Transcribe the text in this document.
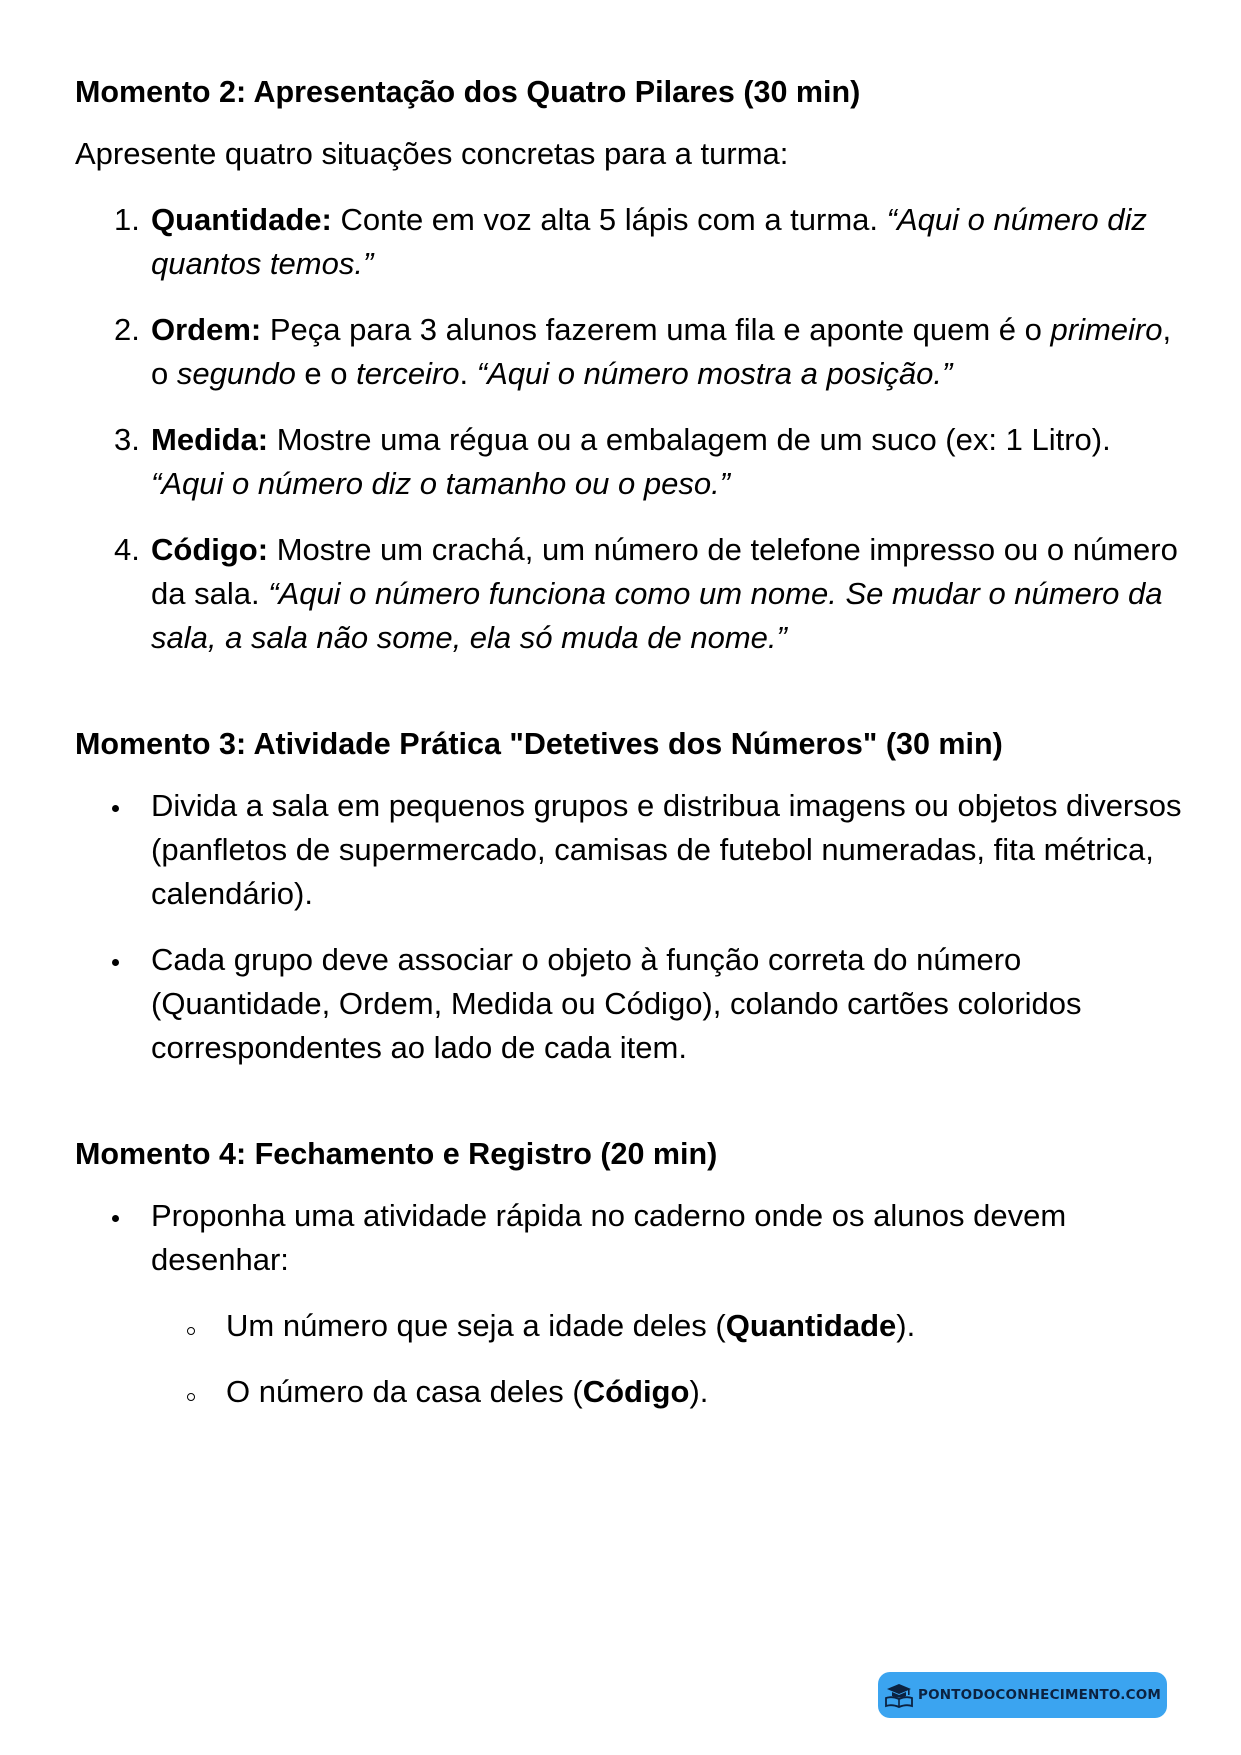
Momento 2: Apresentação dos Quatro Pilares (30 min)

Apresente quatro situações concretas para a turma:

1. Quantidade: Conte em voz alta 5 lápis com a turma. “Aqui o número diz quantos temos.”
2. Ordem: Peça para 3 alunos fazerem uma fila e aponte quem é o primeiro, o segundo e o terceiro. “Aqui o número mostra a posição.”
3. Medida: Mostre uma régua ou a embalagem de um suco (ex: 1 Litro). “Aqui o número diz o tamanho ou o peso.”
4. Código: Mostre um crachá, um número de telefone impresso ou o número da sala. “Aqui o número funciona como um nome. Se mudar o número da sala, a sala não some, ela só muda de nome.”
Momento 3: Atividade Prática "Detetives dos Números" (30 min)
Divida a sala em pequenos grupos e distribua imagens ou objetos diversos (panfletos de supermercado, camisas de futebol numeradas, fita métrica, calendário).
Cada grupo deve associar o objeto à função correta do número (Quantidade, Ordem, Medida ou Código), colando cartões coloridos correspondentes ao lado de cada item.
Momento 4: Fechamento e Registro (20 min)
Proponha uma atividade rápida no caderno onde os alunos devem desenhar:
Um número que seja a idade deles (Quantidade).
O número da casa deles (Código).
PONTODOCONHECIMENTO.COM
